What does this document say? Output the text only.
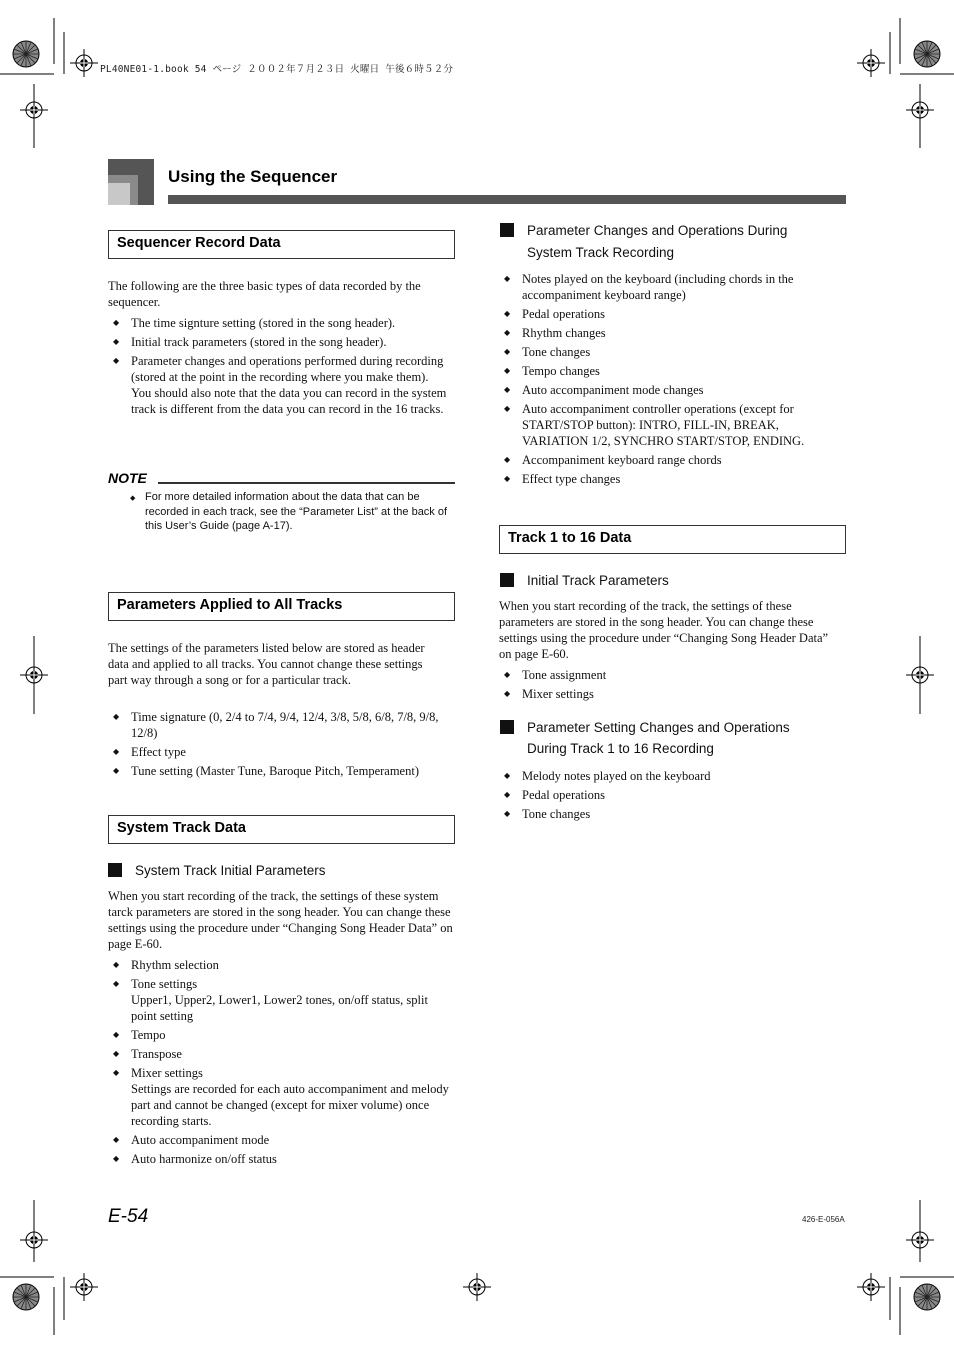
PL40NE01-1.book 54 ページ ２００２年７月２３日 火曜日 午後６時５２分
Using the Sequencer
Sequencer Record Data
The following are the three basic types of data recorded by the sequencer.
◆ The time signture setting (stored in the song header).
◆ Initial track parameters (stored in the song header).
◆ Parameter changes and operations performed during recording (stored at the point in the recording where you make them).
You should also note that the data you can record in the system track is different from the data you can record in the 16 tracks.
NOTE
◆ For more detailed information about the data that can be recorded in each track, see the “Parameter List” at the back of this User’s Guide (page A-17).
Parameters Applied to All Tracks
The settings of the parameters listed below are stored as header data and applied to all tracks. You cannot change these settings part way through a song or for a particular track.
◆ Time signature (0, 2/4 to 7/4, 9/4, 12/4, 3/8, 5/8, 6/8, 7/8, 9/8, 12/8)
◆ Effect type
◆ Tune setting (Master Tune, Baroque Pitch, Temperament)
System Track Data
System Track Initial Parameters
When you start recording of the track, the settings of these system tarck parameters are stored in the song header. You can change these settings using the procedure under “Changing Song Header Data” on page E-60.
◆ Rhythm selection
◆ Tone settings
Upper1, Upper2, Lower1, Lower2 tones, on/off status, split point setting
◆ Tempo
◆ Transpose
◆ Mixer settings
Settings are recorded for each auto accompaniment and melody part and cannot be changed (except for mixer volume) once recording starts.
◆ Auto accompaniment mode
◆ Auto harmonize on/off status
Parameter Changes and Operations During
System Track Recording
◆ Notes played on the keyboard (including chords in the accompaniment keyboard range)
◆ Pedal operations
◆ Rhythm changes
◆ Tone changes
◆ Tempo changes
◆ Auto accompaniment mode changes
◆ Auto accompaniment controller operations (except for START/STOP button): INTRO, FILL-IN, BREAK, VARIATION 1/2, SYNCHRO START/STOP, ENDING.
◆ Accompaniment keyboard range chords
◆ Effect type changes
Track 1 to 16 Data
Initial Track Parameters
When you start recording of the track, the settings of these parameters are stored in the song header. You can change these settings using the procedure under “Changing Song Header Data” on page E-60.
◆ Tone assignment
◆ Mixer settings
Parameter Setting Changes and Operations
During Track 1 to 16 Recording
◆ Melody notes played on the keyboard
◆ Pedal operations
◆ Tone changes
E-54	426-E-056A
